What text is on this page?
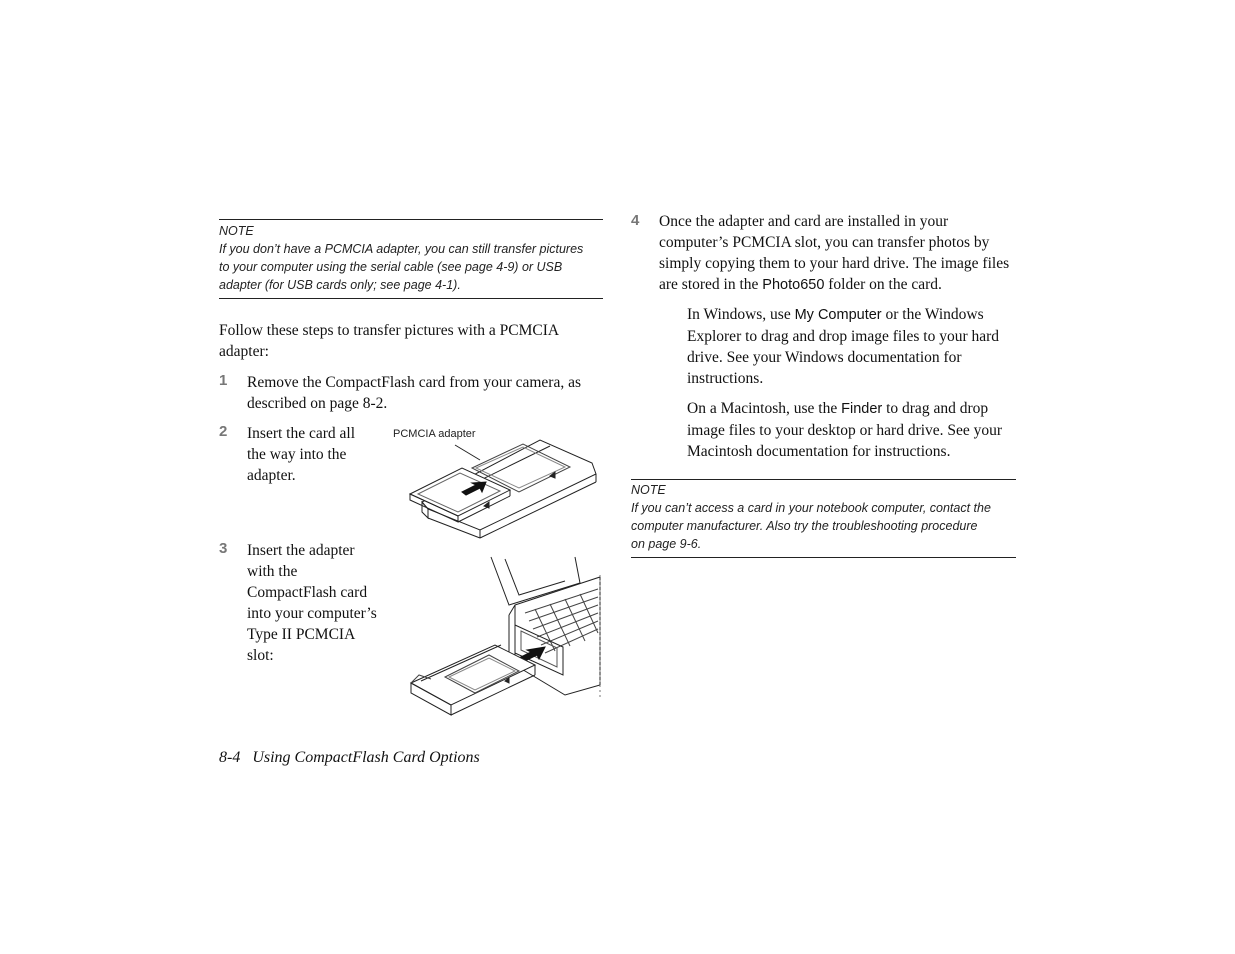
NOTE
If you don’t have a PCMCIA adapter, you can still transfer pictures
to your computer using the serial cable (see page 4-9) or USB
adapter (for USB cards only; see page 4-1).
Follow these steps to transfer pictures with a PCMCIA
adapter:
1 Remove the CompactFlash card from your camera, as
described on page 8-2.
2 Insert the card all
the way into the
adapter.
PCMCIA adapter
3 Insert the adapter
with the
CompactFlash card
into your computer’s
Type II PCMCIA
slot:
8-4 Using CompactFlash Card Options
4 Once the adapter and card are installed in your
computer’s PCMCIA slot, you can transfer photos by
simply copying them to your hard drive. The image files
are stored in the Photo650 folder on the card.
In Windows, use My Computer or the Windows
Explorer to drag and drop image files to your hard
drive. See your Windows documentation for
instructions.
On a Macintosh, use the Finder to drag and drop
image files to your desktop or hard drive. See your
Macintosh documentation for instructions.
NOTE
If you can’t access a card in your notebook computer, contact the
computer manufacturer. Also try the troubleshooting procedure
on page 9-6.
